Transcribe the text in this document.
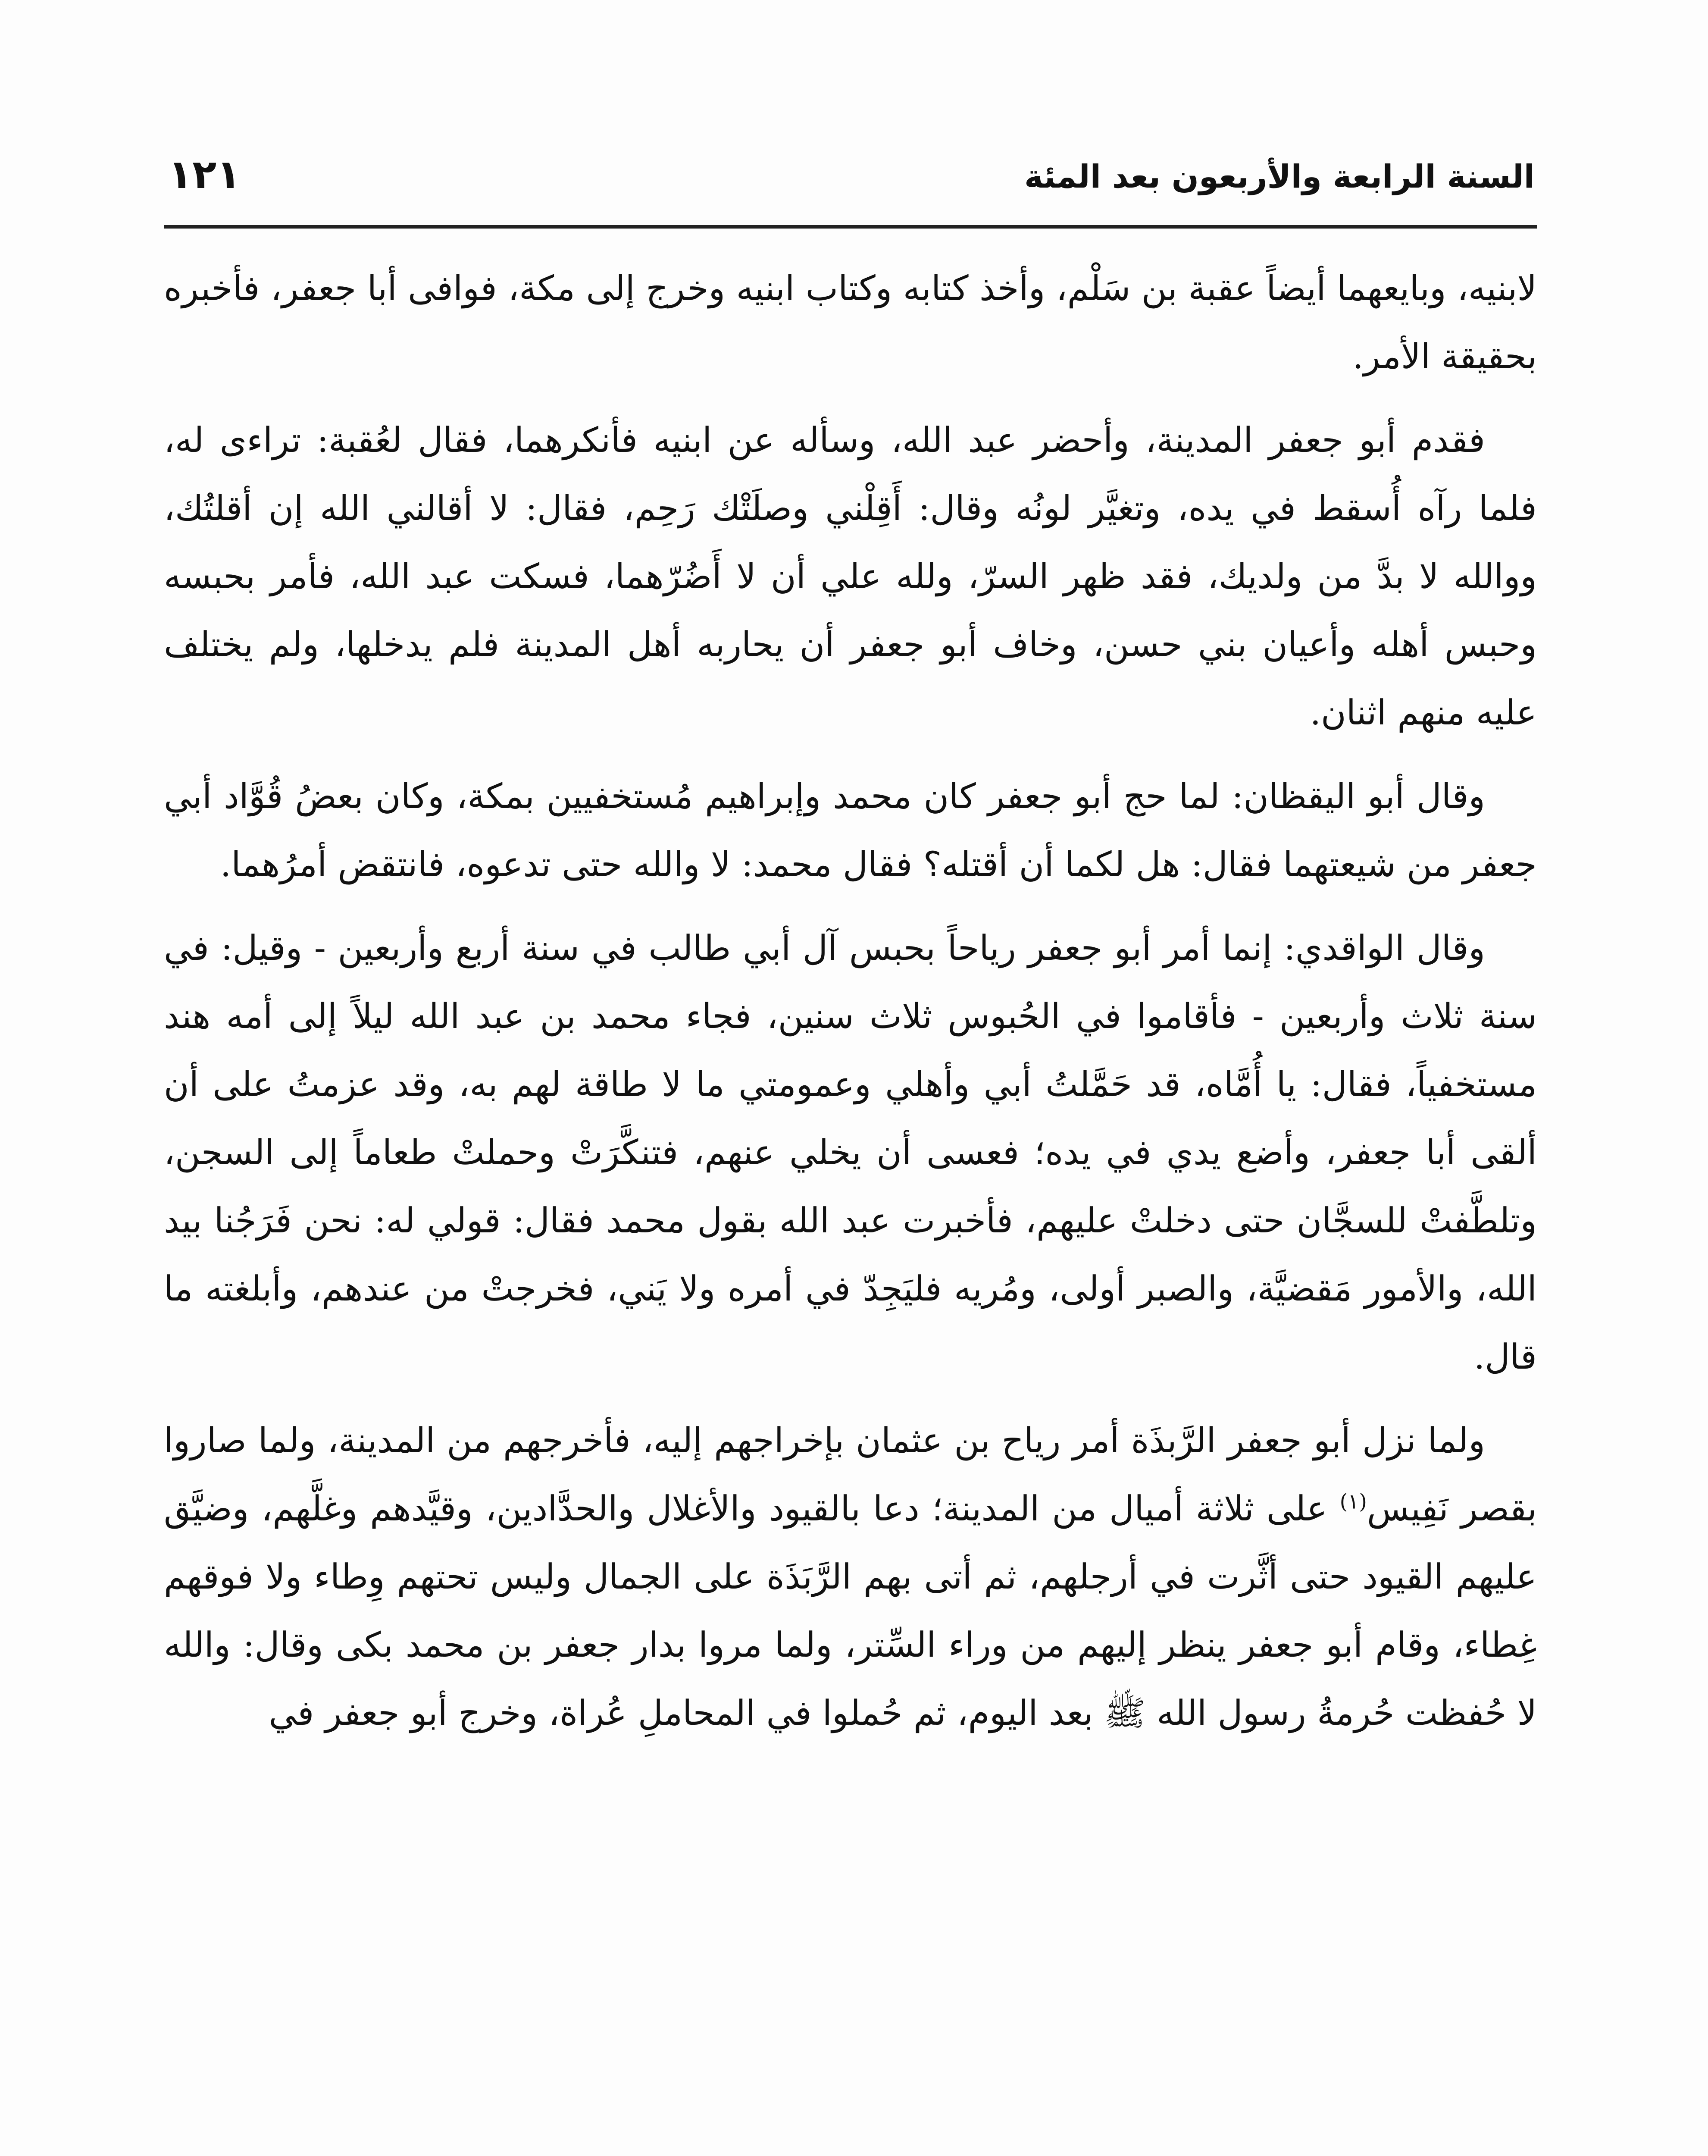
السنة الرابعة والأربعون بعد المئة
١٢١

لابنيه، وبايعهما أيضاً عقبة بن سَلْم، وأخذ كتابه وكتاب ابنيه وخرج إلى مكة، فوافى أبا جعفر، فأخبره بحقيقة الأمر.

فقدم أبو جعفر المدينة، وأحضر عبد الله، وسأله عن ابنيه فأنكرهما، فقال لعُقبة: تراءى له، فلما رآه أُسقط في يده، وتغيَّر لونُه وقال: أَقِلْني وصلَتْك رَحِم، فقال: لا أقالني الله إن أقلتُك، ووالله لا بدَّ من ولديك، فقد ظهر السرّ، ولله علي أن لا أَضُرّهما، فسكت عبد الله، فأمر بحبسه وحبس أهله وأعيان بني حسن، وخاف أبو جعفر أن يحاربه أهل المدينة فلم يدخلها، ولم يختلف عليه منهم اثنان.

وقال أبو اليقظان: لما حج أبو جعفر كان محمد وإبراهيم مُستخفيين بمكة، وكان بعضُ قُوَّاد أبي جعفر من شيعتهما فقال: هل لكما أن أقتله؟ فقال محمد: لا والله حتى تدعوه، فانتقض أمرُهما.

وقال الواقدي: إنما أمر أبو جعفر رياحاً بحبس آل أبي طالب في سنة أربع وأربعين - وقيل: في سنة ثلاث وأربعين - فأقاموا في الحُبوس ثلاث سنين، فجاء محمد بن عبد الله ليلاً إلى أمه هند مستخفياً، فقال: يا أُمَّاه، قد حَمَّلتُ أبي وأهلي وعمومتي ما لا طاقة لهم به، وقد عزمتُ على أن ألقى أبا جعفر، وأضع يدي في يده؛ فعسى أن يخلي عنهم، فتنكَّرَتْ وحملتْ طعاماً إلى السجن، وتلطَّفتْ للسجَّان حتى دخلتْ عليهم، فأخبرت عبد الله بقول محمد فقال: قولي له: نحن فَرَجُنا بيد الله، والأمور مَقضيَّة، والصبر أولى، ومُريه فليَجِدّ في أمره ولا يَني، فخرجتْ من عندهم، وأبلغته ما قال.

ولما نزل أبو جعفر الرَّبذَة أمر رياح بن عثمان بإخراجهم إليه، فأخرجهم من المدينة، ولما صاروا بقصر نَفِيس$^{(١)}$ على ثلاثة أميال من المدينة؛ دعا بالقيود والأغلال والحدَّادين، وقيَّدهم وغلَّهم، وضيَّق عليهم القيود حتى أثَّرت في أرجلهم، ثم أتى بهم الرَّبَذَة على الجمال وليس تحتهم وِطاء ولا فوقهم غِطاء، وقام أبو جعفر ينظر إليهم من وراء السِّتر، ولما مروا بدار جعفر بن محمد بكى وقال: والله لا حُفظت حُرمةُ رسول الله ﷺ بعد اليوم، ثم حُملوا في المحاملِ عُراة، وخرج أبو جعفر في
